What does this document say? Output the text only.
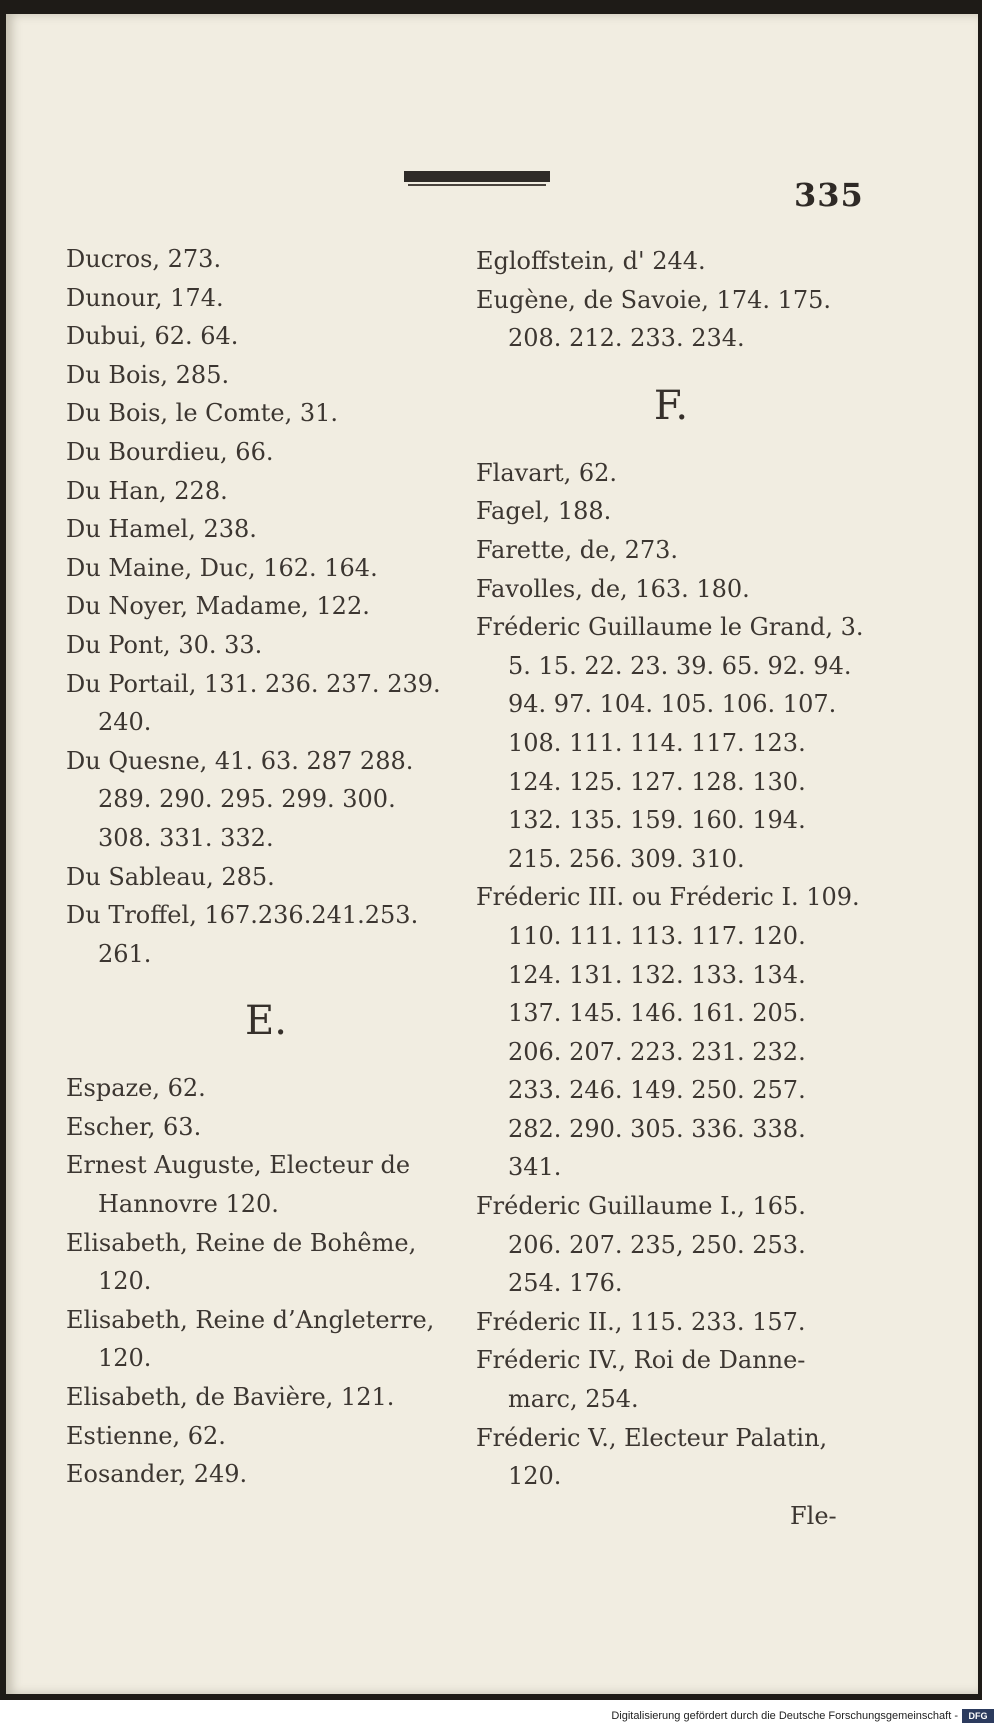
335

Ducros, 273.

Dunour, 174.

Dubui, 62. 64.

Du Bois, 285.

Du Bois, le Comte, 31.

Du Bourdieu, 66.

Du Han, 228.

Du Hamel, 238.

Du Maine, Duc, 162. 164.

Du Noyer, Madame, 122.

Du Pont, 30. 33.

Du Portail, 131. 236. 237. 239. 240.

Du Quesne, 41. 63. 287 288. 289. 290. 295. 299. 300. 308. 331. 332.

Du Sableau, 285.

Du Troffel, 167.236.241.253. 261.

E.

Espaze, 62.

Escher, 63.

Ernest Auguste, Electeur de Hannovre 120.

Elisabeth, Reine de Bohême, 120.

Elisabeth, Reine d’Angleterre, 120.

Elisabeth, de Bavière, 121.

Estienne, 62.

Eosander, 249.

Egloffstein, d' 244.

Eugène, de Savoie, 174. 175. 208. 212. 233. 234.

F.

Flavart, 62.

Fagel, 188.

Farette, de, 273.

Favolles, de, 163. 180.

Fréderic Guillaume le Grand, 3. 5. 15. 22. 23. 39. 65. 92. 94. 94. 97. 104. 105. 106. 107. 108. 111. 114. 117. 123. 124. 125. 127. 128. 130. 132. 135. 159. 160. 194. 215. 256. 309. 310.

Fréderic III. ou Fréderic I. 109. 110. 111. 113. 117. 120. 124. 131. 132. 133. 134. 137. 145. 146. 161. 205. 206. 207. 223. 231. 232. 233. 246. 149. 250. 257. 282. 290. 305. 336. 338. 341.

Fréderic Guillaume I., 165. 206. 207. 235, 250. 253. 254. 176.

Fréderic II., 115. 233. 157.

Fréderic IV., Roi de Danne-marc, 254.

Fréderic V., Electeur Palatin, 120.

Fle-
Digitalisierung gefördert durch die Deutsche Forschungsgemeinschaft -	DFG
